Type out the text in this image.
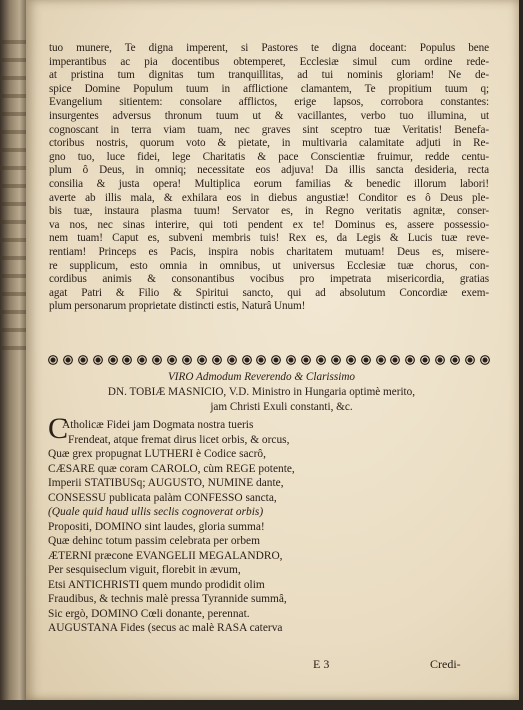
tuo munere, Te digna imperent, si Pastores te digna doceant: Populus bene
imperantibus ac pia docentibus obtemperet, Ecclesiæ simul cum ordine rede-
at pristina tum dignitas tum tranquillitas, ad tui nominis gloriam! Ne de-
spice Domine Populum tuum in afflictione clamantem, Te propitium tuum q;
Evangelium sitientem: consolare afflictos, erige lapsos, corrobora constantes:
insurgentes adversus thronum tuum ut & vacillantes, verbo tuo illumina, ut
cognoscant in terra viam tuam, nec graves sint sceptro tuæ Veritatis! Benefa-
ctoribus nostris, quorum voto & pietate, in multivaria calamitate adjuti in Re-
gno tuo, luce fidei, lege Charitatis & pace Conscientiæ fruimur, redde centu-
plum ô Deus, in omniq; necessitate eos adjuva! Da illis sancta desideria, recta
consilia & justa opera! Multiplica eorum familias & benedic illorum labori!
averte ab illis mala, & exhilara eos in diebus angustiæ! Conditor es ô Deus ple-
bis tuæ, instaura plasma tuum! Servator es, in Regno veritatis agnitæ, conser-
va nos, nec sinas interire, qui toti pendent ex te! Dominus es, assere possessio-
nem tuam! Caput es, subveni membris tuis! Rex es, da Legis & Lucis tuæ reve-
rentiam! Princeps es Pacis, inspira nobis charitatem mutuam! Deus es, misere-
re supplicum, esto omnia in omnibus, ut universus Ecclesiæ tuæ chorus, con-
cordibus animis & consonantibus vocibus pro impetrata misericordia, gratias
agat Patri & Filio & Spiritui sancto, qui ad absolutum Concordiæ exem-
plum personarum proprietate distincti estis, Naturâ Unum!
VIRO Admodum Reverendo & Clarissimo
DN. TOBIÆ MASNICIO, V.D. Ministro in Hungaria optimè merito,
jam Christi Exuli constanti, &c.
C
Atholicæ Fidei jam Dogmata nostra tueris
Frendeat, atque fremat dirus licet orbis, & orcus,
Quæ grex propugnat LUTHERI è Codice sacrô,
CÆSARE quæ coram CAROLO, cùm REGE potente,
Imperii STATIBUSq; AUGUSTO, NUMINE dante,
CONSESSU publicata palàm CONFESSO sancta,
(Quale quid haud ullis seclis cognoverat orbis)
Propositi, DOMINO sint laudes, gloria summa!
Quæ dehinc totum passim celebrata per orbem
ÆTERNI præcone EVANGELII MEGALANDRO,
Per sesquiseclum viguit, florebit in ævum,
Etsi ANTICHRISTI quem mundo prodidit olim
Fraudibus, & technis malè pressa Tyrannide summâ,
Sic ergò, DOMINO Cœli donante, perennat.
AUGUSTANA Fides (secus ac malè RASA caterva
E 3	Credi-
